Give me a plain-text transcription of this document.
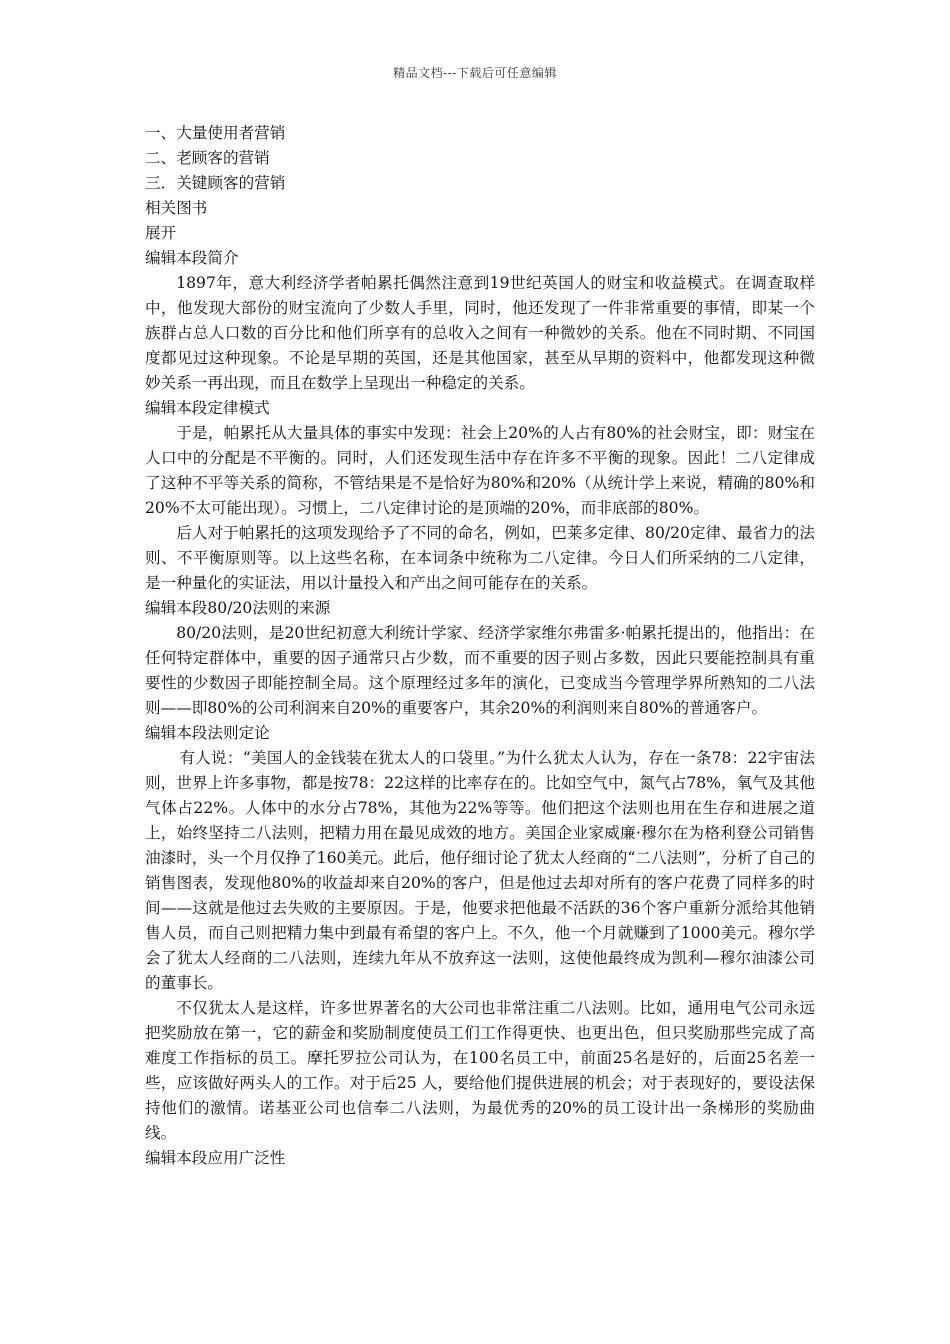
精品文档---下载后可任意编辑

一、大量使用者营销

二、老顾客的营销

三．关键顾客的营销

相关图书

展开

编辑本段简介

1897年，意大利经济学者帕累托偶然注意到19世纪英国人的财宝和收益模式。在调查取样中，他发现大部份的财宝流向了少数人手里，同时，他还发现了一件非常重要的事情，即某一个族群占总人口数的百分比和他们所享有的总收入之间有一种微妙的关系。他在不同时期、不同国度都见过这种现象。不论是早期的英国，还是其他国家，甚至从早期的资料中，他都发现这种微妙关系一再出现，而且在数学上呈现出一种稳定的关系。

编辑本段定律模式

于是，帕累托从大量具体的事实中发现：社会上20%的人占有80%的社会财宝，即：财宝在人口中的分配是不平衡的。同时，人们还发现生活中存在许多不平衡的现象。因此！二八定律成了这种不平等关系的简称，不管结果是不是恰好为80%和20%（从统计学上来说，精确的80%和20%不太可能出现）。习惯上，二八定律讨论的是顶端的20%，而非底部的80%。

后人对于帕累托的这项发现给予了不同的命名，例如，巴莱多定律、80/20定律、最省力的法则、不平衡原则等。以上这些名称，在本词条中统称为二八定律。今日人们所采纳的二八定律，是一种量化的实证法，用以计量投入和产出之间可能存在的关系。

编辑本段80/20法则的来源

80/20法则，是20世纪初意大利统计学家、经济学家维尔弗雷多·帕累托提出的，他指出：在任何特定群体中，重要的因子通常只占少数，而不重要的因子则占多数，因此只要能控制具有重要性的少数因子即能控制全局。这个原理经过多年的演化，已变成当今管理学界所熟知的二八法则——即80%的公司利润来自20%的重要客户，其余20%的利润则来自80%的普通客户。

编辑本段法则定论

有人说：“美国人的金钱装在犹太人的口袋里。”为什么犹太人认为，存在一条78：22宇宙法则，世界上许多事物，都是按78：22这样的比率存在的。比如空气中，氮气占78%，氧气及其他气体占22%。人体中的水分占78%，其他为22%等等。他们把这个法则也用在生存和进展之道上，始终坚持二八法则，把精力用在最见成效的地方。美国企业家威廉·穆尔在为格利登公司销售油漆时，头一个月仅挣了160美元。此后，他仔细讨论了犹太人经商的“二八法则”，分析了自己的销售图表，发现他80%的收益却来自20%的客户，但是他过去却对所有的客户花费了同样多的时间——这就是他过去失败的主要原因。于是，他要求把他最不活跃的36个客户重新分派给其他销售人员，而自己则把精力集中到最有希望的客户上。不久，他一个月就赚到了1000美元。穆尔学会了犹太人经商的二八法则，连续九年从不放弃这一法则，这使他最终成为凯利—穆尔油漆公司的董事长。

不仅犹太人是这样，许多世界著名的大公司也非常注重二八法则。比如，通用电气公司永远把奖励放在第一，它的薪金和奖励制度使员工们工作得更快、也更出色，但只奖励那些完成了高难度工作指标的员工。摩托罗拉公司认为，在100名员工中，前面25名是好的，后面25名差一些，应该做好两头人的工作。对于后25 人，要给他们提供进展的机会；对于表现好的，要设法保持他们的激情。诺基亚公司也信奉二八法则，为最优秀的20%的员工设计出一条梯形的奖励曲线。

编辑本段应用广泛性
